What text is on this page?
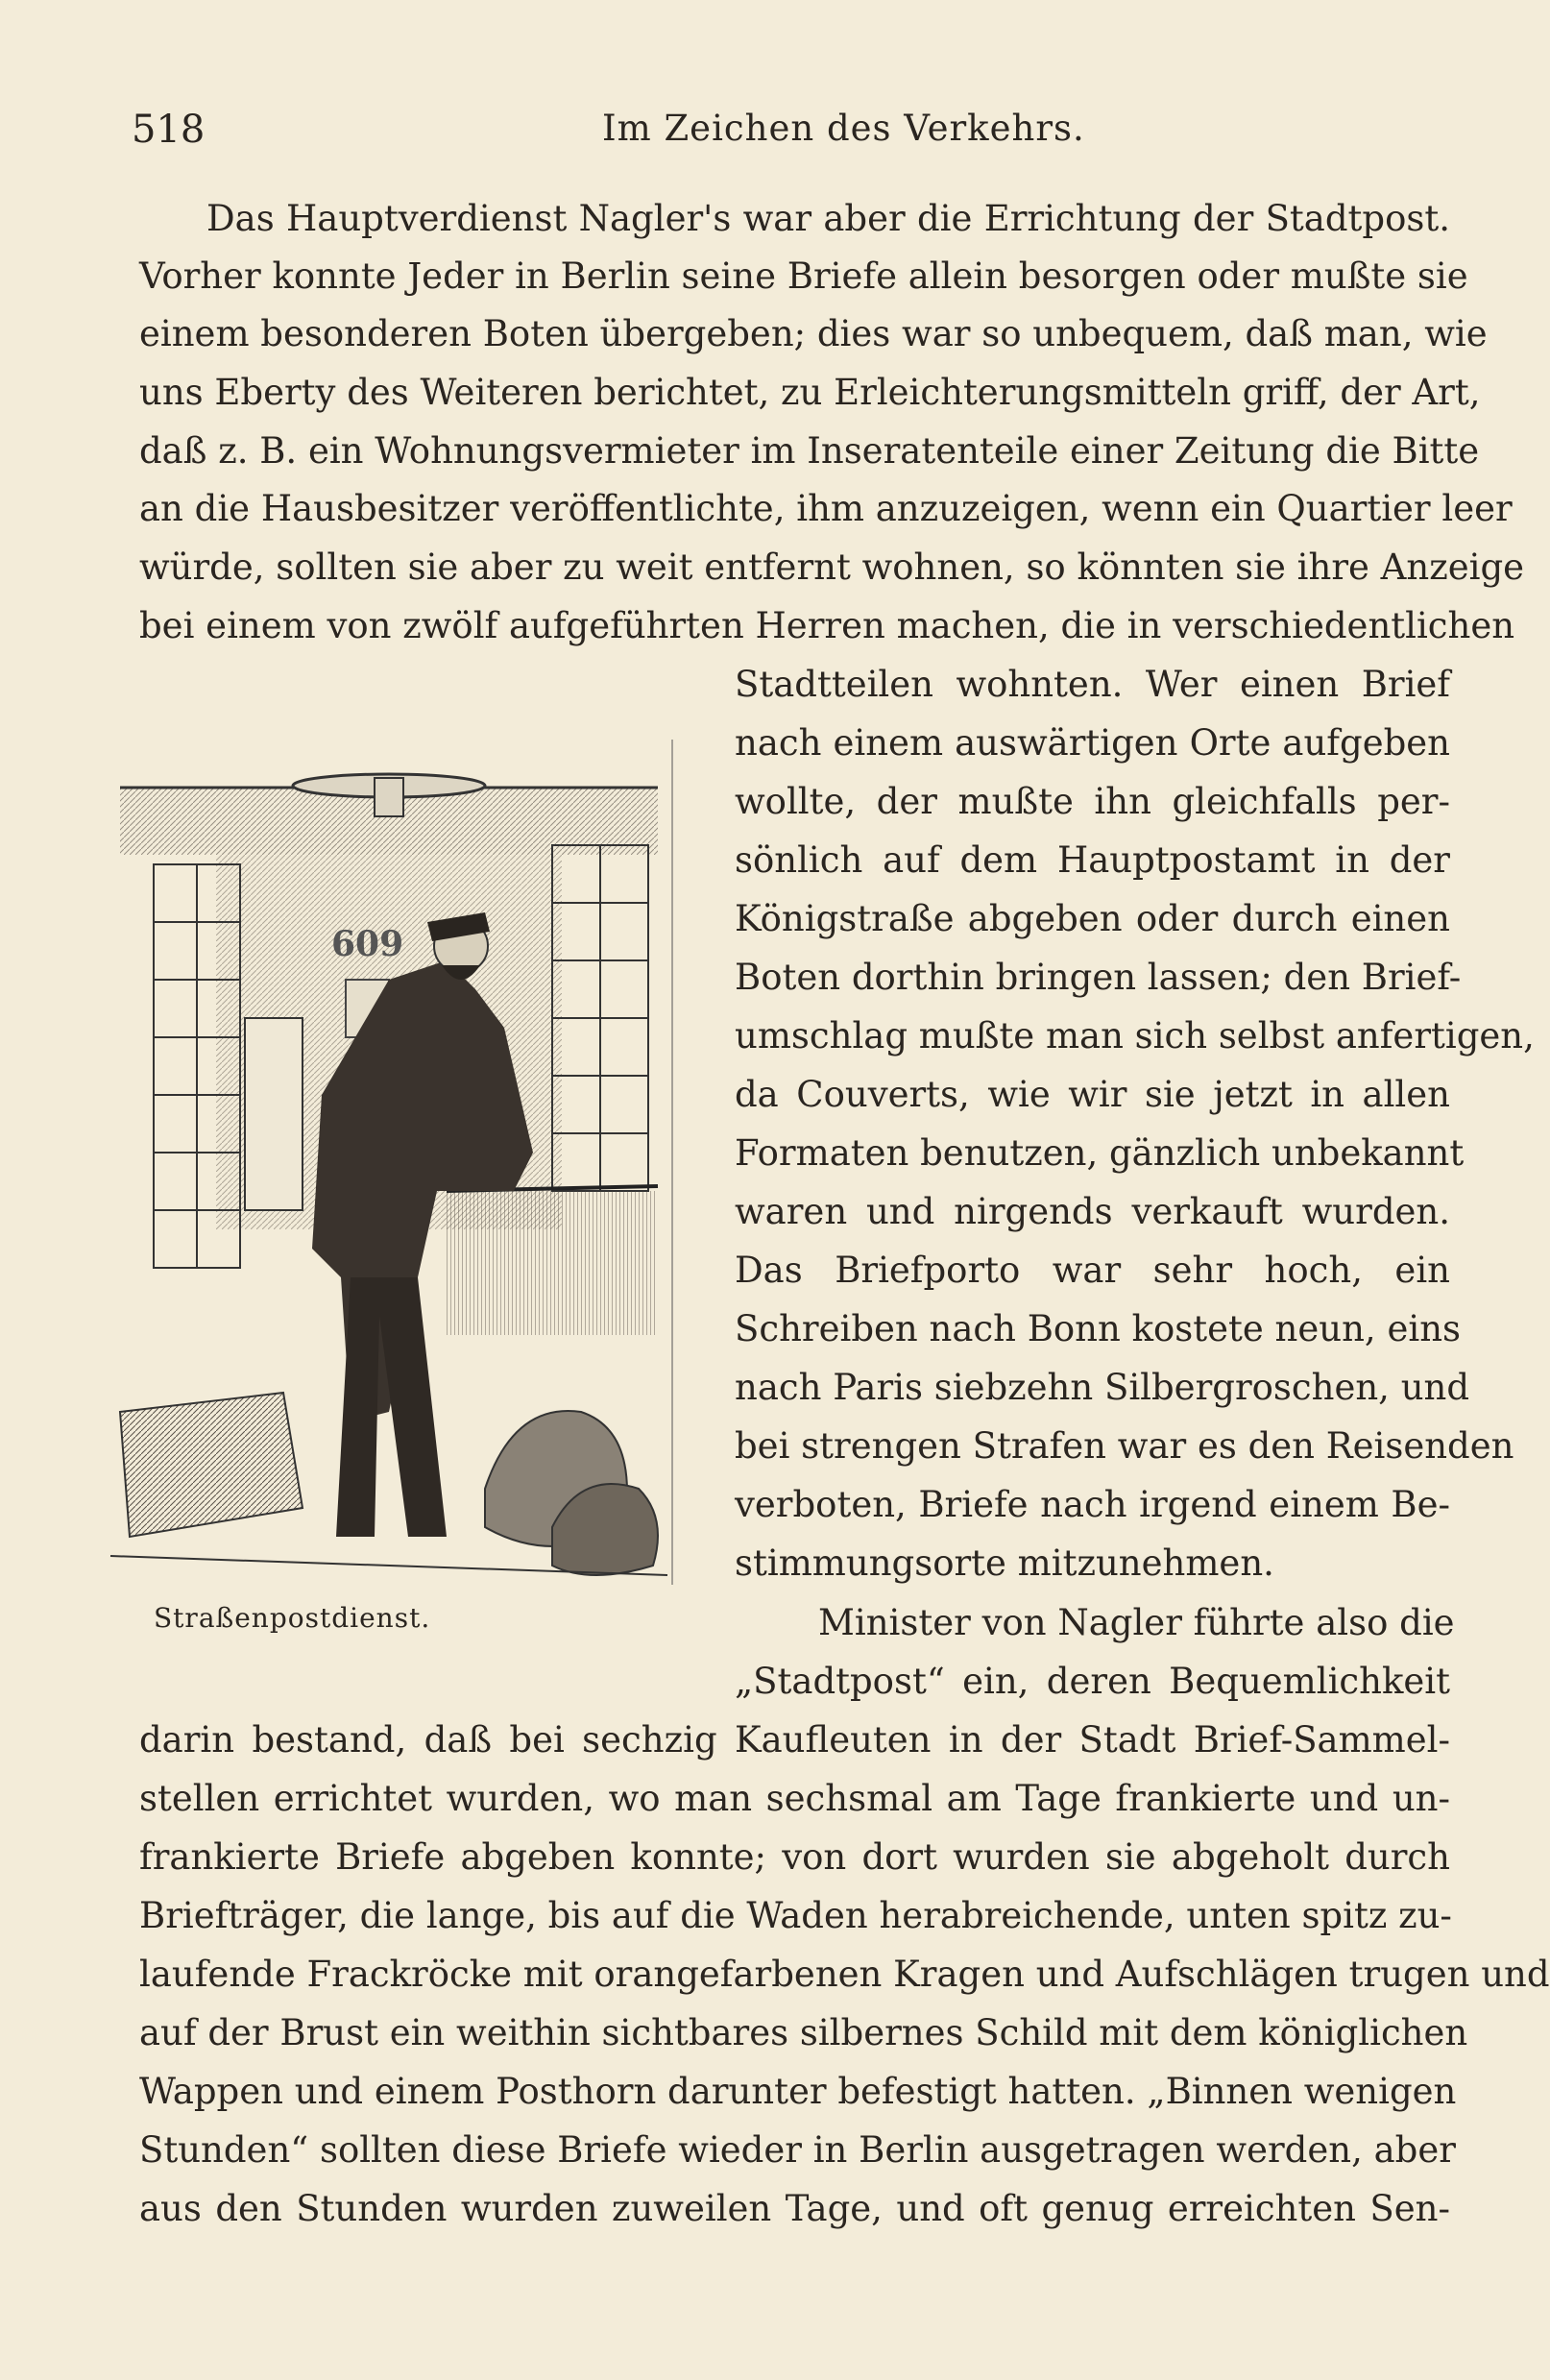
518	Im Zeichen des Verkehrs.
Das Hauptverdienst Nagler's war aber die Errichtung der Stadtpost.
Vorher konnte Jeder in Berlin seine Briefe allein besorgen oder mußte sie
einem besonderen Boten übergeben; dies war so unbequem, daß man, wie
uns Eberty des Weiteren berichtet, zu Erleichterungsmitteln griff, der Art,
daß z. B. ein Wohnungsvermieter im Inseratenteile einer Zeitung die Bitte
an die Hausbesitzer veröffentlichte, ihm anzuzeigen, wenn ein Quartier leer
würde, sollten sie aber zu weit entfernt wohnen, so könnten sie ihre Anzeige
bei einem von zwölf aufgeführten Herren machen, die in verschiedentlichen
Stadtteilen wohnten. Wer einen Brief
nach einem auswärtigen Orte aufgeben
wollte, der mußte ihn gleichfalls per-
sönlich auf dem Hauptpostamt in der
Königstraße abgeben oder durch einen
Boten dorthin bringen lassen; den Brief-
umschlag mußte man sich selbst anfertigen,
da Couverts, wie wir sie jetzt in allen
Formaten benutzen, gänzlich unbekannt
waren und nirgends verkauft wurden.
Das Briefporto war sehr hoch, ein
Schreiben nach Bonn kostete neun, eins
nach Paris siebzehn Silbergroschen, und
bei strengen Strafen war es den Reisenden
verboten, Briefe nach irgend einem Be-
stimmungsorte mitzunehmen.
Minister von Nagler führte also die
„Stadtpost“ ein, deren Bequemlichkeit
darin bestand, daß bei sechzig Kaufleuten in der Stadt Brief-Sammel-
stellen errichtet wurden, wo man sechsmal am Tage frankierte und un-
frankierte Briefe abgeben konnte; von dort wurden sie abgeholt durch
Briefträger, die lange, bis auf die Waden herabreichende, unten spitz zu-
laufende Frackröcke mit orangefarbenen Kragen und Aufschlägen trugen und
auf der Brust ein weithin sichtbares silbernes Schild mit dem königlichen
Wappen und einem Posthorn darunter befestigt hatten. „Binnen wenigen
Stunden“ sollten diese Briefe wieder in Berlin ausgetragen werden, aber
aus den Stunden wurden zuweilen Tage, und oft genug erreichten Sen-
609
Straßenpostdienst.
